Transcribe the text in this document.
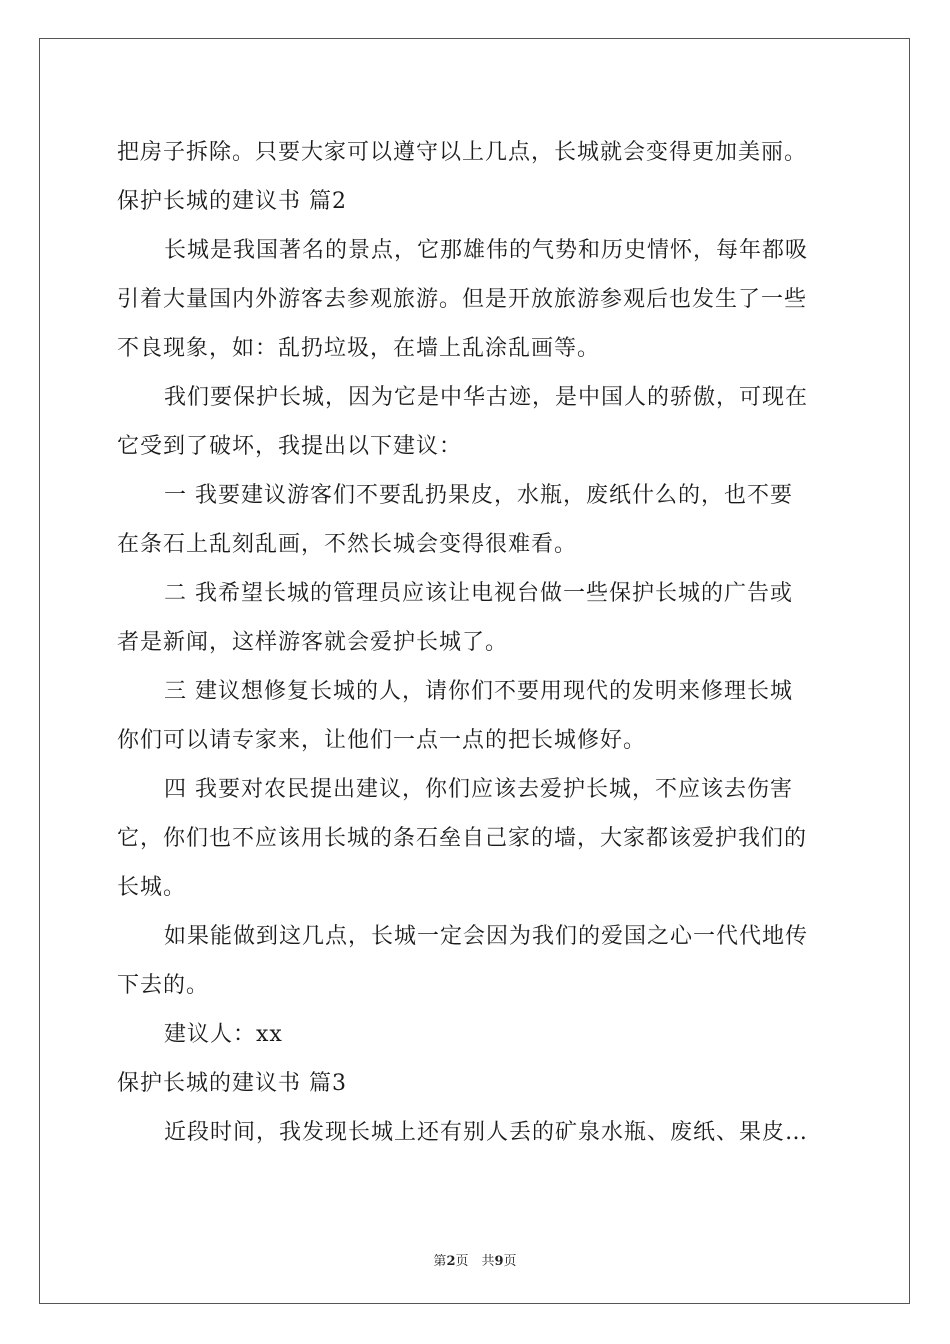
把房子拆除。只要大家可以遵守以上几点，长城就会变得更加美丽。
保护长城的建议书 篇2
长城是我国著名的景点，它那雄伟的气势和历史情怀，每年都吸
引着大量国内外游客去参观旅游。但是开放旅游参观后也发生了一些
不良现象，如：乱扔垃圾，在墙上乱涂乱画等。
我们要保护长城，因为它是中华古迹，是中国人的骄傲，可现在
它受到了破坏，我提出以下建议：
一 我要建议游客们不要乱扔果皮，水瓶，废纸什么的，也不要
在条石上乱刻乱画，不然长城会变得很难看。
二 我希望长城的管理员应该让电视台做一些保护长城的广告或
者是新闻，这样游客就会爱护长城了。
三 建议想修复长城的人，请你们不要用现代的发明来修理长城
你们可以请专家来，让他们一点一点的把长城修好。
四 我要对农民提出建议，你们应该去爱护长城，不应该去伤害
它，你们也不应该用长城的条石垒自己家的墙，大家都该爱护我们的
长城。
如果能做到这几点，长城一定会因为我们的爱国之心一代代地传
下去的。
建议人：xx
保护长城的建议书 篇3
近段时间，我发现长城上还有别人丢的矿泉水瓶、废纸、果皮…
第2页　共9页
